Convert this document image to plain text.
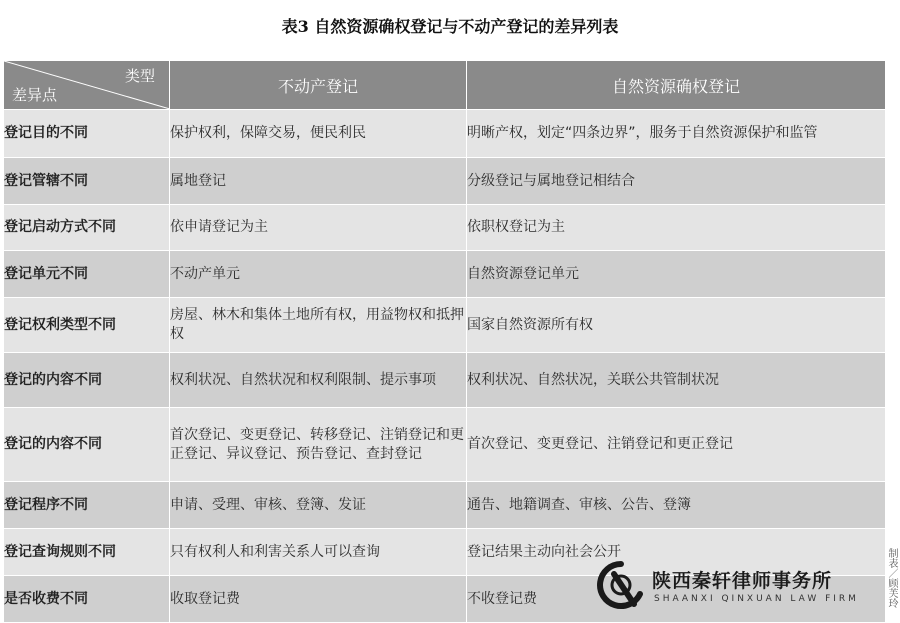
表3 自然资源确权登记与不动产登记的差异列表
类型
差异点	不动产登记	自然资源确权登记
登记目的不同	保护权利，保障交易，便民利民	明晰产权，划定“四条边界”，服务于自然资源保护和监管
登记管辖不同	属地登记	分级登记与属地登记相结合
登记启动方式不同	依申请登记为主	依职权登记为主
登记单元不同	不动产单元	自然资源登记单元
登记权利类型不同	房屋、林木和集体土地所有权，用益物权和抵押权	国家自然资源所有权
登记的内容不同	权利状况、自然状况和权利限制、提示事项	权利状况、自然状况，关联公共管制状况
登记的内容不同	首次登记、变更登记、转移登记、注销登记和更正登记、异议登记、预告登记、查封登记	首次登记、变更登记、注销登记和更正登记
登记程序不同	申请、受理、审核、登簿、发证	通告、地籍调查、审核、公告、登簿
登记查询规则不同	只有权利人和利害关系人可以查询	登记结果主动向社会公开
是否收费不同	收取登记费	不收登记费	制表／顾芙玲
陕西秦轩律师事务所
SHAANXI QINXUAN LAW FIRM
